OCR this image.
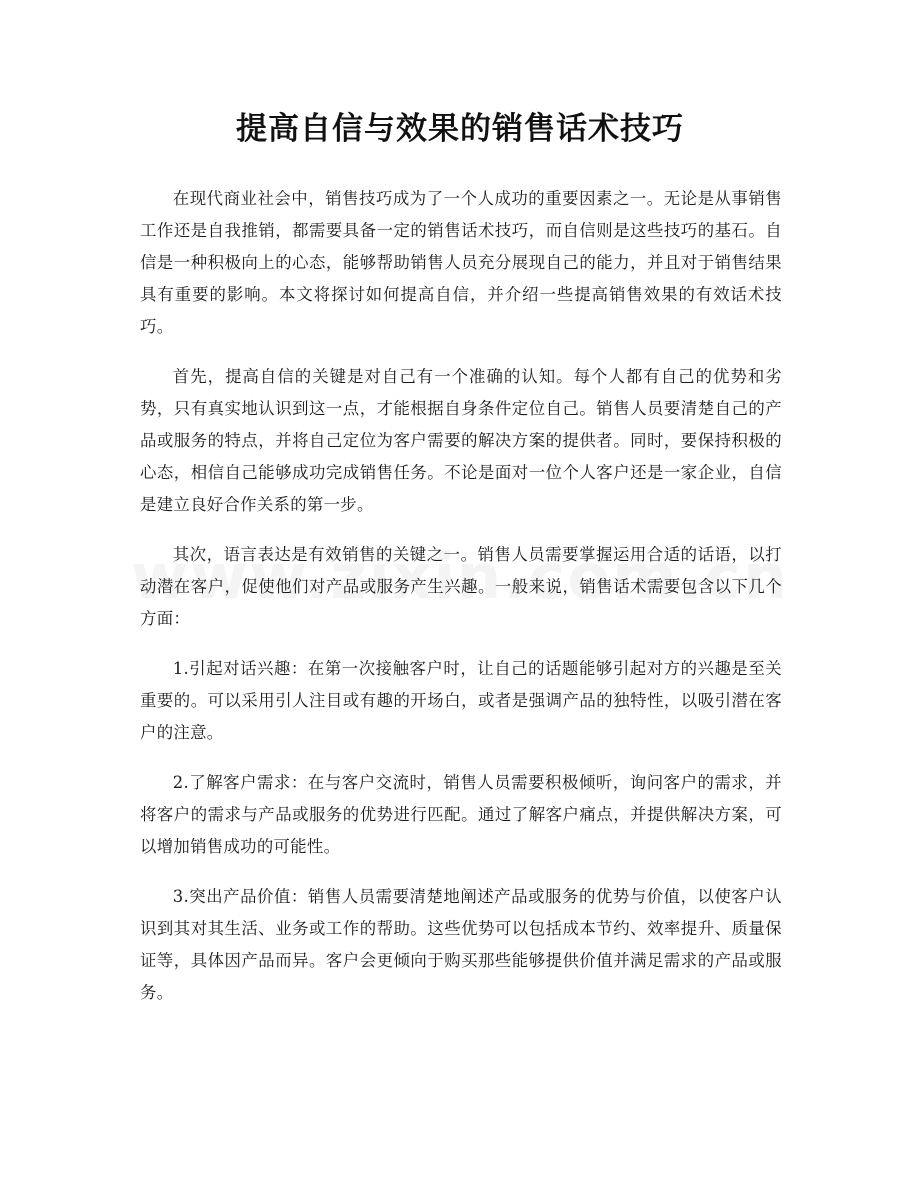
提高自信与效果的销售话术技巧

在现代商业社会中，销售技巧成为了一个人成功的重要因素之一。无论是从事销售工作还是自我推销，都需要具备一定的销售话术技巧，而自信则是这些技巧的基石。自信是一种积极向上的心态，能够帮助销售人员充分展现自己的能力，并且对于销售结果具有重要的影响。本文将探讨如何提高自信，并介绍一些提高销售效果的有效话术技巧。

首先，提高自信的关键是对自己有一个准确的认知。每个人都有自己的优势和劣势，只有真实地认识到这一点，才能根据自身条件定位自己。销售人员要清楚自己的产品或服务的特点，并将自己定位为客户需要的解决方案的提供者。同时，要保持积极的心态，相信自己能够成功完成销售任务。不论是面对一位个人客户还是一家企业，自信是建立良好合作关系的第一步。

其次，语言表达是有效销售的关键之一。销售人员需要掌握运用合适的话语，以打动潜在客户，促使他们对产品或服务产生兴趣。一般来说，销售话术需要包含以下几个方面：

1.引起对话兴趣：在第一次接触客户时，让自己的话题能够引起对方的兴趣是至关重要的。可以采用引人注目或有趣的开场白，或者是强调产品的独特性，以吸引潜在客户的注意。

2.了解客户需求：在与客户交流时，销售人员需要积极倾听，询问客户的需求，并将客户的需求与产品或服务的优势进行匹配。通过了解客户痛点，并提供解决方案，可以增加销售成功的可能性。

3.突出产品价值：销售人员需要清楚地阐述产品或服务的优势与价值，以使客户认识到其对其生活、业务或工作的帮助。这些优势可以包括成本节约、效率提升、质量保证等，具体因产品而异。客户会更倾向于购买那些能够提供价值并满足需求的产品或服务。
